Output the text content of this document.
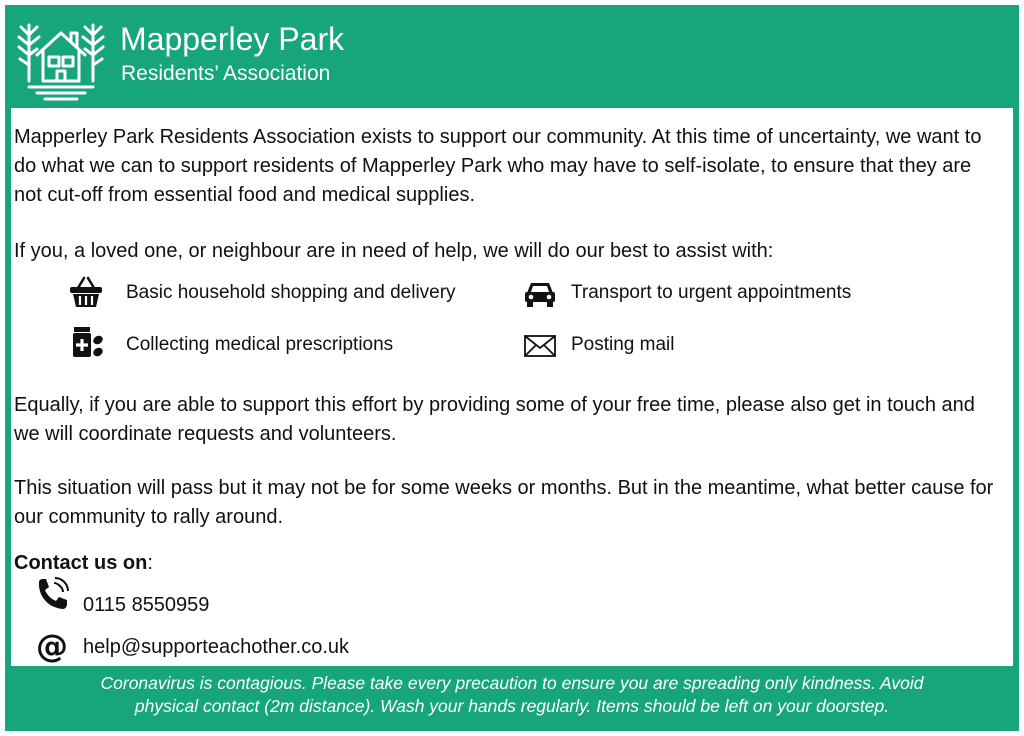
Mapperley Park
Residents’ Association

Mapperley Park Residents Association exists to support our community. At this time of uncertainty, we want to do what we can to support residents of Mapperley Park who may have to self-isolate, to ensure that they are not cut-off from essential food and medical supplies.

If you, a loved one, or neighbour are in need of help, we will do our best to assist with:

Basic household shopping and delivery	Transport to urgent appointments
Collecting medical prescriptions	Posting mail

Equally, if you are able to support this effort by providing some of your free time, please also get in touch and we will coordinate requests and volunteers.

This situation will pass but it may not be for some weeks or months. But in the meantime, what better cause for our community to rally around.

Contact us on:
0115 8550959
@ help@supporteachother.co.uk
Coronavirus is contagious. Please take every precaution to ensure you are spreading only kindness. Avoid
physical contact (2m distance). Wash your hands regularly. Items should be left on your doorstep.
